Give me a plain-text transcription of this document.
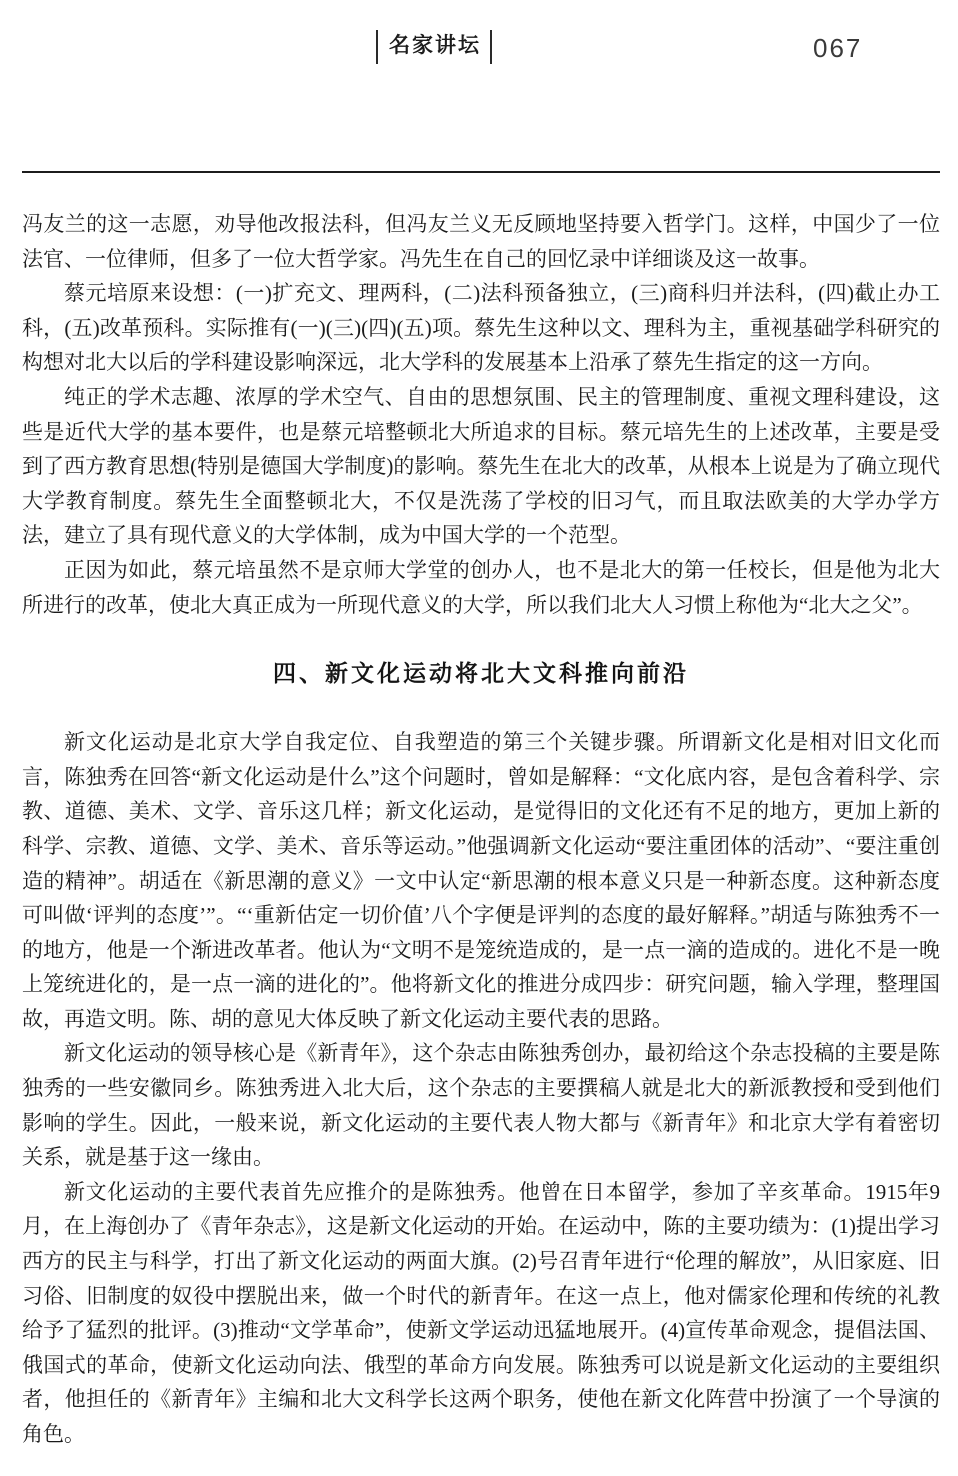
名家讲坛	067

冯友兰的这一志愿，劝导他改报法科，但冯友兰义无反顾地坚持要入哲学门。这样，中国少了一位法官、一位律师，但多了一位大哲学家。冯先生在自己的回忆录中详细谈及这一故事。

蔡元培原来设想：(一)扩充文、理两科，(二)法科预备独立，(三)商科归并法科，(四)截止办工科，(五)改革预科。实际推有(一)(三)(四)(五)项。蔡先生这种以文、理科为主，重视基础学科研究的构想对北大以后的学科建设影响深远，北大学科的发展基本上沿承了蔡先生指定的这一方向。

纯正的学术志趣、浓厚的学术空气、自由的思想氛围、民主的管理制度、重视文理科建设，这些是近代大学的基本要件，也是蔡元培整顿北大所追求的目标。蔡元培先生的上述改革，主要是受到了西方教育思想(特别是德国大学制度)的影响。蔡先生在北大的改革，从根本上说是为了确立现代大学教育制度。蔡先生全面整顿北大，不仅是洗荡了学校的旧习气，而且取法欧美的大学办学方法，建立了具有现代意义的大学体制，成为中国大学的一个范型。

正因为如此，蔡元培虽然不是京师大学堂的创办人，也不是北大的第一任校长，但是他为北大所进行的改革，使北大真正成为一所现代意义的大学，所以我们北大人习惯上称他为“北大之父”。

四、新文化运动将北大文科推向前沿

新文化运动是北京大学自我定位、自我塑造的第三个关键步骤。所谓新文化是相对旧文化而言，陈独秀在回答“新文化运动是什么”这个问题时，曾如是解释：“文化底内容，是包含着科学、宗教、道德、美术、文学、音乐这几样；新文化运动，是觉得旧的文化还有不足的地方，更加上新的科学、宗教、道德、文学、美术、音乐等运动。”他强调新文化运动“要注重团体的活动”、“要注重创造的精神”。胡适在《新思潮的意义》一文中认定“新思潮的根本意义只是一种新态度。这种新态度可叫做‘评判的态度’”。“‘重新估定一切价值’八个字便是评判的态度的最好解释。”胡适与陈独秀不一的地方，他是一个渐进改革者。他认为“文明不是笼统造成的，是一点一滴的造成的。进化不是一晚上笼统进化的，是一点一滴的进化的”。他将新文化的推进分成四步：研究问题，输入学理，整理国故，再造文明。陈、胡的意见大体反映了新文化运动主要代表的思路。

新文化运动的领导核心是《新青年》，这个杂志由陈独秀创办，最初给这个杂志投稿的主要是陈独秀的一些安徽同乡。陈独秀进入北大后，这个杂志的主要撰稿人就是北大的新派教授和受到他们影响的学生。因此，一般来说，新文化运动的主要代表人物大都与《新青年》和北京大学有着密切关系，就是基于这一缘由。

新文化运动的主要代表首先应推介的是陈独秀。他曾在日本留学，参加了辛亥革命。1915年9月，在上海创办了《青年杂志》，这是新文化运动的开始。在运动中，陈的主要功绩为：(1)提出学习西方的民主与科学，打出了新文化运动的两面大旗。(2)号召青年进行“伦理的解放”，从旧家庭、旧习俗、旧制度的奴役中摆脱出来，做一个时代的新青年。在这一点上，他对儒家伦理和传统的礼教给予了猛烈的批评。(3)推动“文学革命”，使新文学运动迅猛地展开。(4)宣传革命观念，提倡法国、俄国式的革命，使新文化运动向法、俄型的革命方向发展。陈独秀可以说是新文化运动的主要组织者，他担任的《新青年》主编和北大文科学长这两个职务，使他在新文化阵营中扮演了一个导演的角色。
